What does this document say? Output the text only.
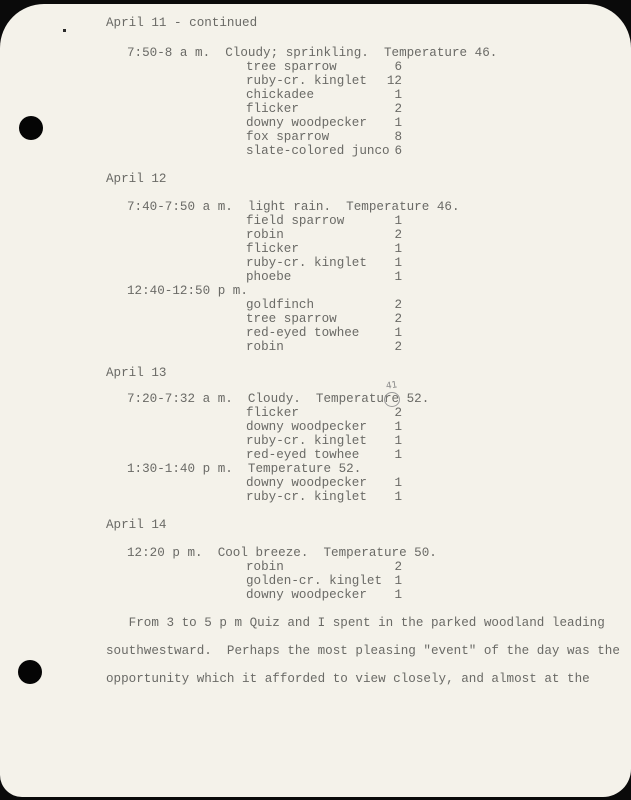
April 11 - continued
7:50-8 a m.  Cloudy; sprinkling.  Temperature 46.
tree sparrow	6
ruby-cr. kinglet	12
chickadee	1
flicker	2
downy woodpecker	1
fox sparrow	8
slate-colored junco 6
April 12
7:40-7:50 a m.  light rain.  Temperature 46.
field sparrow	1
robin	2
flicker	1
ruby-cr. kinglet	1
phoebe	1
12:40-12:50 p m.
goldfinch	2
tree sparrow	2
red-eyed towhee	1
robin	2
April 13
41
7:20-7:32 a m.  Cloudy.  Temperature 52.
flicker	2
downy woodpecker	1
ruby-cr. kinglet	1
red-eyed towhee	1
1:30-1:40 p m.  Temperature 52.
downy woodpecker	1
ruby-cr. kinglet	1
April 14
12:20 p m.  Cool breeze.  Temperature 50.
robin	2
golden-cr. kinglet 1
downy woodpecker	1
From 3 to 5 p m Quiz and I spent in the parked woodland leading
southwestward.  Perhaps the most pleasing "event" of the day was the
opportunity which it afforded to view closely, and almost at the
